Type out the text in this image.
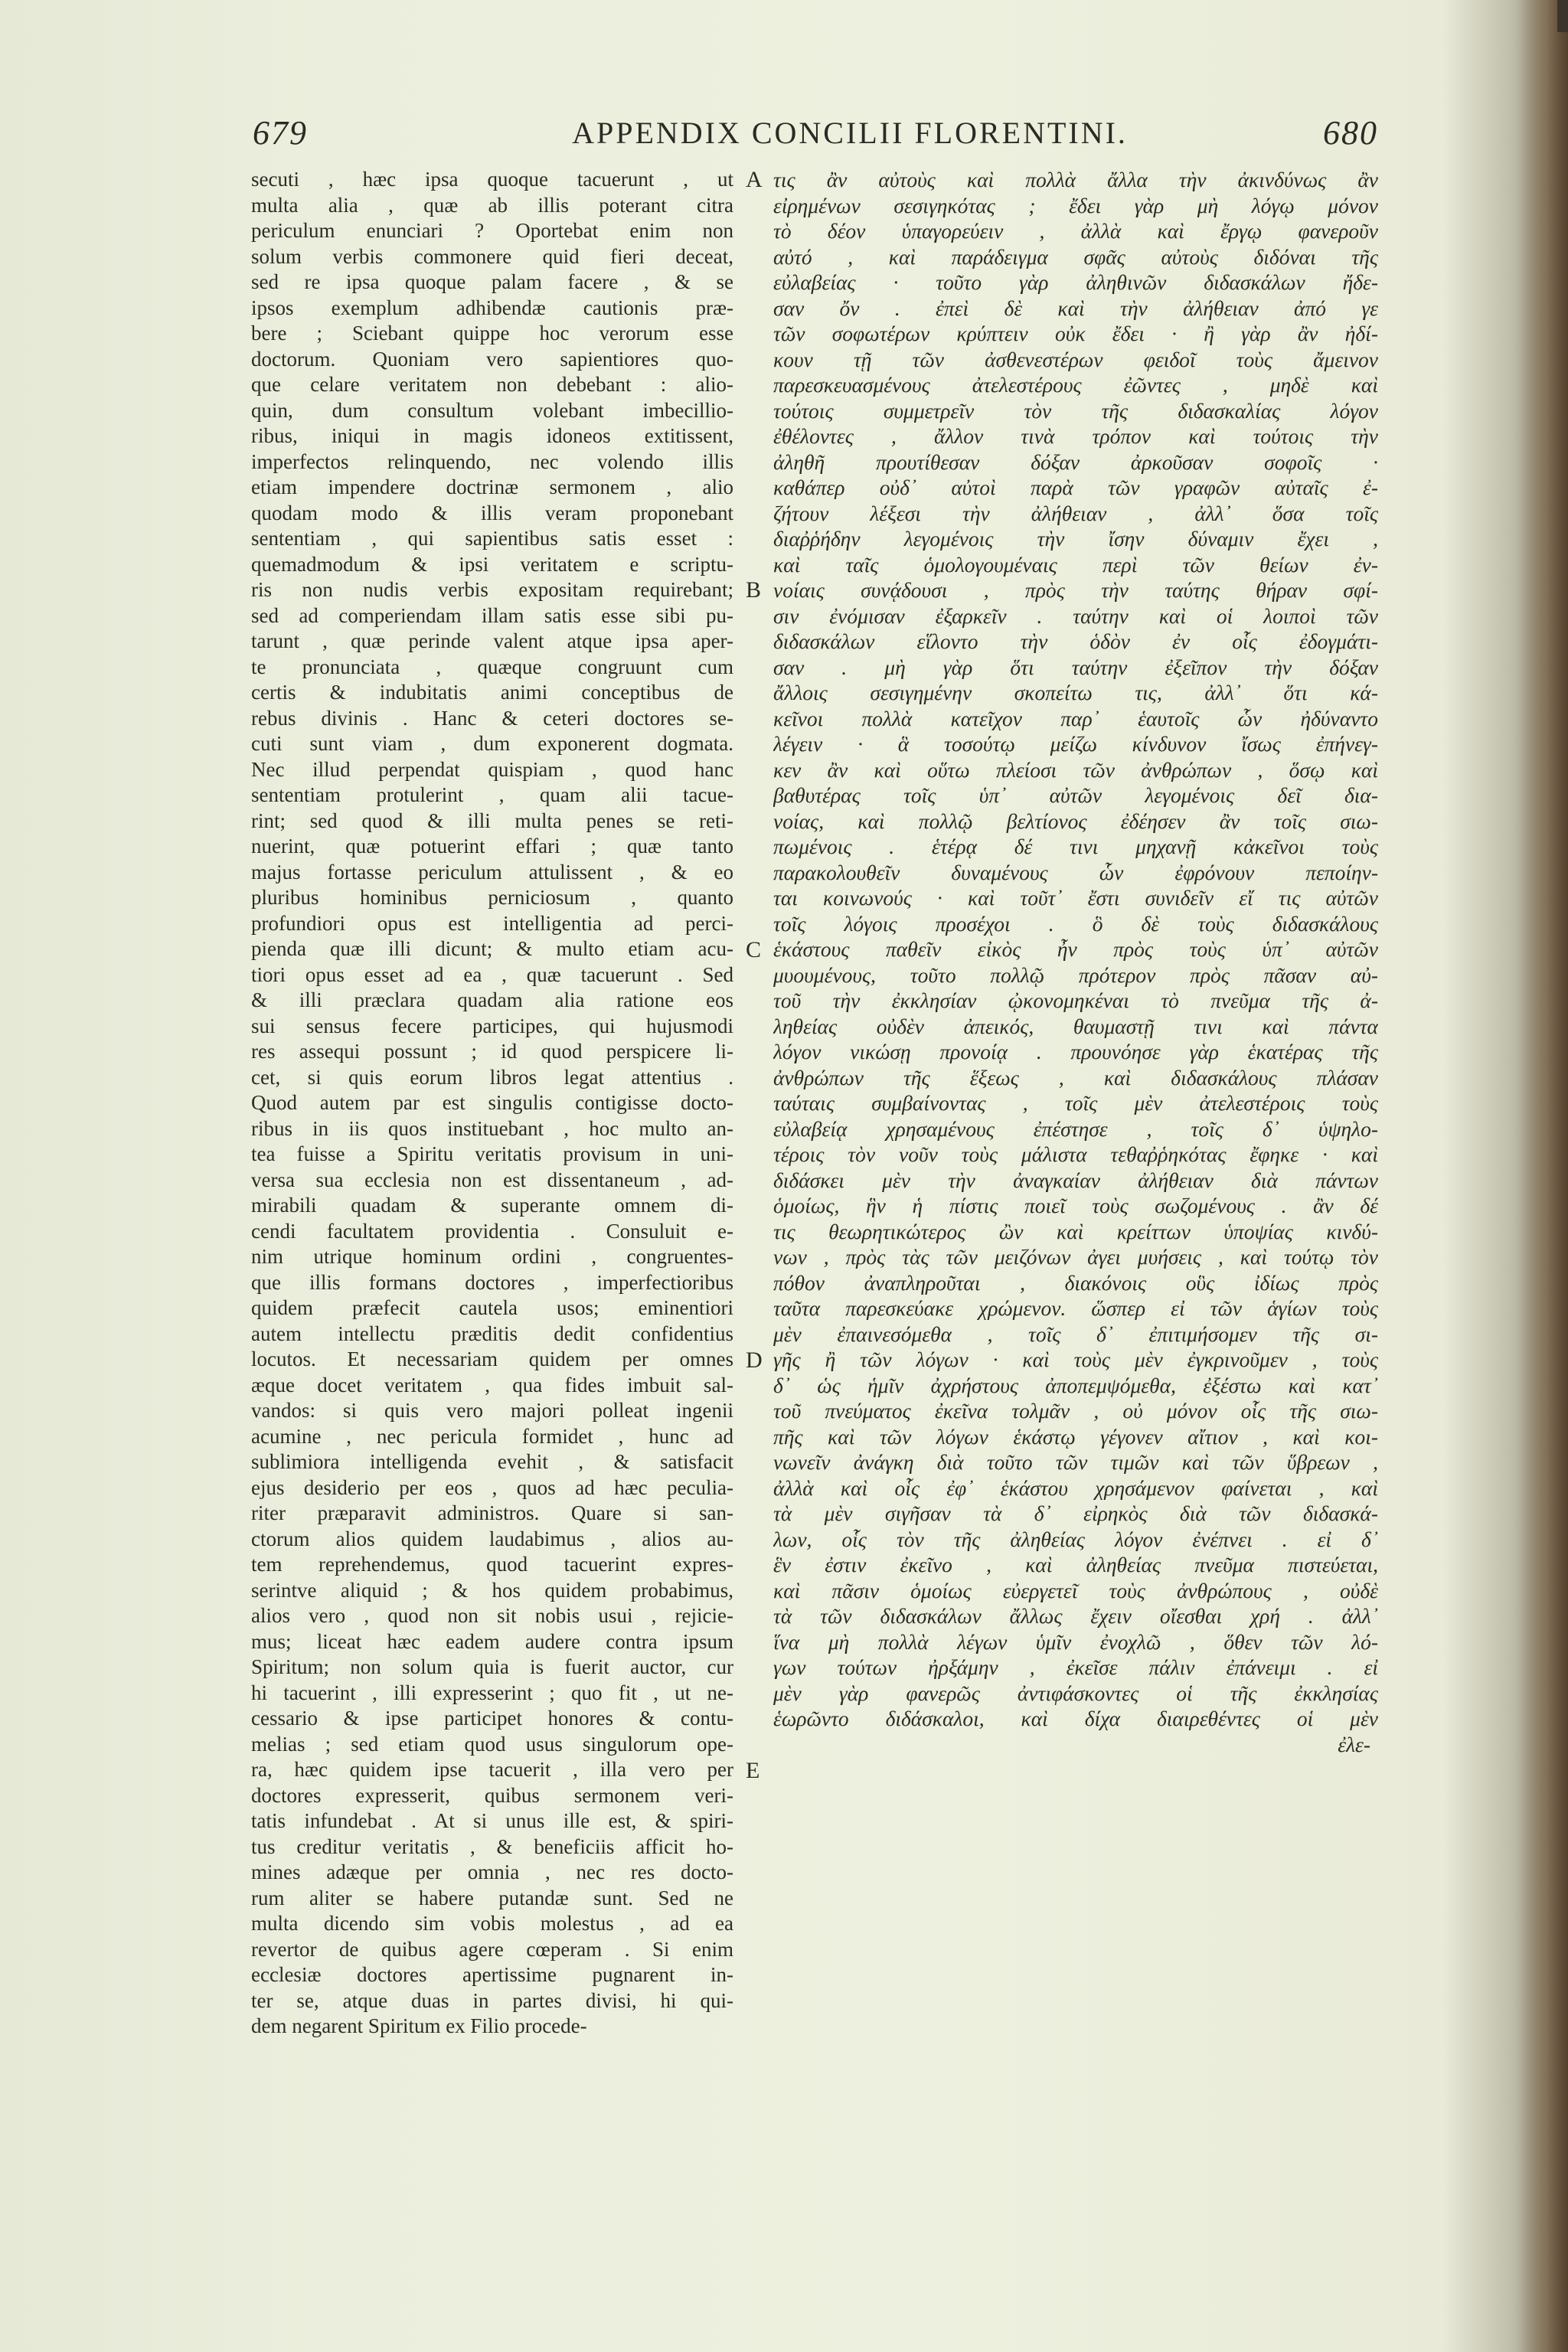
679	APPENDIX CONCILII FLORENTINI.	680
secuti , hæc ipsa quoque tacuerunt , ut
multa alia , quæ ab illis poterant citra
periculum enunciari ? Oportebat enim non
solum verbis commonere quid fieri deceat,
sed re ipsa quoque palam facere , & se
ipsos exemplum adhibendæ cautionis præ-
bere ; Sciebant quippe hoc verorum esse
doctorum. Quoniam vero sapientiores quo-
que celare veritatem non debebant : alio-
quin, dum consultum volebant imbecillio-
ribus, iniqui in magis idoneos extitissent,
imperfectos relinquendo, nec volendo illis
etiam impendere doctrinæ sermonem , alio
quodam modo & illis veram proponebant
sententiam , qui sapientibus satis esset :
quemadmodum & ipsi veritatem e scriptu-
ris non nudis verbis expositam requirebant;
sed ad comperiendam illam satis esse sibi pu-
tarunt , quæ perinde valent atque ipsa aper-
te pronunciata , quæque congruunt cum
certis & indubitatis animi conceptibus de
rebus divinis . Hanc & ceteri doctores se-
cuti sunt viam , dum exponerent dogmata.
Nec illud perpendat quispiam , quod hanc
sententiam protulerint , quam alii tacue-
rint; sed quod & illi multa penes se reti-
nuerint, quæ potuerint effari ; quæ tanto
majus fortasse periculum attulissent , & eo
pluribus hominibus perniciosum , quanto
profundiori opus est intelligentia ad perci-
pienda quæ illi dicunt; & multo etiam acu-
tiori opus esset ad ea , quæ tacuerunt . Sed
& illi præclara quadam alia ratione eos
sui sensus fecere participes, qui hujusmodi
res assequi possunt ; id quod perspicere li-
cet, si quis eorum libros legat attentius .
Quod autem par est singulis contigisse docto-
ribus in iis quos instituebant , hoc multo an-
tea fuisse a Spiritu veritatis provisum in uni-
versa sua ecclesia non est dissentaneum , ad-
mirabili quadam & superante omnem di-
cendi facultatem providentia . Consuluit e-
nim utrique hominum ordini , congruentes-
que illis formans doctores , imperfectioribus
quidem præfecit cautela usos; eminentiori
autem intellectu præditis dedit confidentius
locutos. Et necessariam quidem per omnes
æque docet veritatem , qua fides imbuit sal-
vandos: si quis vero majori polleat ingenii
acumine , nec pericula formidet , hunc ad
sublimiora intelligenda evehit , & satisfacit
ejus desiderio per eos , quos ad hæc peculia-
riter præparavit administros. Quare si san-
ctorum alios quidem laudabimus , alios au-
tem reprehendemus, quod tacuerint expres-
serintve aliquid ; & hos quidem probabimus,
alios vero , quod non sit nobis usui , rejicie-
mus; liceat hæc eadem audere contra ipsum
Spiritum; non solum quia is fuerit auctor, cur
hi tacuerint , illi expresserint ; quo fit , ut ne-
cessario & ipse participet honores & contu-
melias ; sed etiam quod usus singulorum ope-
ra, hæc quidem ipse tacuerit , illa vero per
doctores expresserit, quibus sermonem veri-
tatis infundebat . At si unus ille est, & spiri-
tus creditur veritatis , & beneficiis afficit ho-
mines adæque per omnia , nec res docto-
rum aliter se habere putandæ sunt. Sed ne
multa dicendo sim vobis molestus , ad ea
revertor de quibus agere cœperam . Si enim
ecclesiæ doctores apertissime pugnarent in-
ter se, atque duas in partes divisi, hi qui-
dem negarent Spiritum ex Filio procede-
τις ἂν αὐτοὺς καὶ πολλὰ ἄλλα τὴν ἀκινδύνως ἂν
εἰρημένων σεσιγηκότας ; ἔδει γὰρ μὴ λόγῳ μόνον
τὸ δέον ὑπαγορεύειν , ἀλλὰ καὶ ἔργῳ φανεροῦν
αὐτό , καὶ παράδειγμα σφᾶς αὐτοὺς διδόναι τῆς
εὐλαβείας · τοῦτο γὰρ ἀληθινῶν διδασκάλων ἤδε-
σαν ὄν . ἐπεὶ δὲ καὶ τὴν ἀλήθειαν ἀπό γε
τῶν σοφωτέρων κρύπτειν οὐκ ἔδει · ἢ γὰρ ἂν ἠδί-
κουν τῇ τῶν ἀσθενεστέρων φειδοῖ τοὺς ἄμεινον
παρεσκευασμένους ἀτελεστέρους ἐῶντες , μηδὲ καὶ
τούτοις συμμετρεῖν τὸν τῆς διδασκαλίας λόγον
ἐθέλοντες , ἄλλον τινὰ τρόπον καὶ τούτοις τὴν
ἀληθῆ προυτίθεσαν δόξαν ἀρκοῦσαν σοφοῖς ·
καθάπερ οὐδ᾽ αὐτοὶ παρὰ τῶν γραφῶν αὐταῖς ἐ-
ζήτουν λέξεσι τὴν ἀλήθειαν , ἀλλ᾽ ὅσα τοῖς
διαῤῥήδην λεγομένοις τὴν ἴσην δύναμιν ἔχει ,
καὶ ταῖς ὁμολογουμέναις περὶ τῶν θείων ἐν-
νοίαις συνᾴδουσι , πρὸς τὴν ταύτης θήραν σφί-
σιν ἐνόμισαν ἐξαρκεῖν . ταύτην καὶ οἱ λοιποὶ τῶν
διδασκάλων εἵλοντο τὴν ὁδὸν ἐν οἷς ἐδογμάτι-
σαν . μὴ γὰρ ὅτι ταύτην ἐξεῖπον τὴν δόξαν
ἄλλοις σεσιγημένην σκοπείτω τις, ἀλλ᾽ ὅτι κά-
κεῖνοι πολλὰ κατεῖχον παρ᾽ ἑαυτοῖς ὧν ἠδύναντο
λέγειν · ἃ τοσούτῳ μείζω κίνδυνον ἴσως ἐπήνεγ-
κεν ἂν καὶ οὕτω πλείοσι τῶν ἀνθρώπων , ὅσῳ καὶ
βαθυτέρας τοῖς ὑπ᾽ αὐτῶν λεγομένοις δεῖ δια-
νοίας, καὶ πολλῷ βελτίονος ἐδέησεν ἂν τοῖς σιω-
πωμένοις . ἑτέρᾳ δέ τινι μηχανῇ κἀκεῖνοι τοὺς
παρακολουθεῖν δυναμένους ὧν ἐφρόνουν πεποίην-
ται κοινωνούς · καὶ τοῦτ᾽ ἔστι συνιδεῖν εἴ τις αὐτῶν
τοῖς λόγοις προσέχοι . ὃ δὲ τοὺς διδασκάλους
ἑκάστους παθεῖν εἰκὸς ἦν πρὸς τοὺς ὑπ᾽ αὐτῶν
μυουμένους, τοῦτο πολλῷ πρότερον πρὸς πᾶσαν αὐ-
τοῦ τὴν ἐκκλησίαν ᾠκονομηκέναι τὸ πνεῦμα τῆς ἀ-
ληθείας οὐδὲν ἀπεικός, θαυμαστῇ τινι καὶ πάντα
λόγον νικώσῃ προνοίᾳ . προυνόησε γὰρ ἑκατέρας τῆς
ἀνθρώπων τῆς ἕξεως , καὶ διδασκάλους πλάσαν
ταύταις συμβαίνοντας , τοῖς μὲν ἀτελεστέροις τοὺς
εὐλαβείᾳ χρησαμένους ἐπέστησε , τοῖς δ᾽ ὑψηλο-
τέροις τὸν νοῦν τοὺς μάλιστα τεθαῤῥηκότας ἔφηκε · καὶ
διδάσκει μὲν τὴν ἀναγκαίαν ἀλήθειαν διὰ πάντων
ὁμοίως, ἣν ἡ πίστις ποιεῖ τοὺς σωζομένους . ἂν δέ
τις θεωρητικώτερος ὢν καὶ κρείττων ὑποψίας κινδύ-
νων , πρὸς τὰς τῶν μειζόνων ἀγει μυήσεις , καὶ τούτῳ τὸν
πόθον ἀναπληροῦται , διακόνοις οὓς ἰδίως πρὸς
ταῦτα παρεσκεύακε χρώμενον. ὥσπερ εἰ τῶν ἁγίων τοὺς
μὲν ἐπαινεσόμεθα , τοῖς δ᾽ ἐπιτιμήσομεν τῆς σι-
γῆς ἢ τῶν λόγων · καὶ τοὺς μὲν ἐγκρινοῦμεν , τοὺς
δ᾽ ὡς ἡμῖν ἀχρήστους ἀποπεμψόμεθα, ἐξέστω καὶ κατ᾽
τοῦ πνεύματος ἐκεῖνα τολμᾶν , οὐ μόνον οἷς τῆς σιω-
πῆς καὶ τῶν λόγων ἑκάστῳ γέγονεν αἴτιον , καὶ κοι-
νωνεῖν ἀνάγκη διὰ τοῦτο τῶν τιμῶν καὶ τῶν ὕβρεων ,
ἀλλὰ καὶ οἷς ἐφ᾽ ἑκάστου χρησάμενον φαίνεται , καὶ
τὰ μὲν σιγῆσαν τὰ δ᾽ εἰρηκὸς διὰ τῶν διδασκά-
λων, οἷς τὸν τῆς ἀληθείας λόγον ἐνέπνει . εἰ δ᾽
ἓν ἐστιν ἐκεῖνο , καὶ ἀληθείας πνεῦμα πιστεύεται,
καὶ πᾶσιν ὁμοίως εὐεργετεῖ τοὺς ἀνθρώπους , οὐδὲ
τὰ τῶν διδασκάλων ἄλλως ἔχειν οἴεσθαι χρή . ἀλλ᾽
ἵνα μὴ πολλὰ λέγων ὑμῖν ἐνοχλῶ , ὅθεν τῶν λό-
γων τούτων ἠρξάμην , ἐκεῖσε πάλιν ἐπάνειμι . εἰ
μὲν γὰρ φανερῶς ἀντιφάσκοντες οἱ τῆς ἐκκλησίας
ἑωρῶντο διδάσκαλοι, καὶ δίχα διαιρεθέντες οἱ μὲν
ἐλε-
A
B
C
D
E
